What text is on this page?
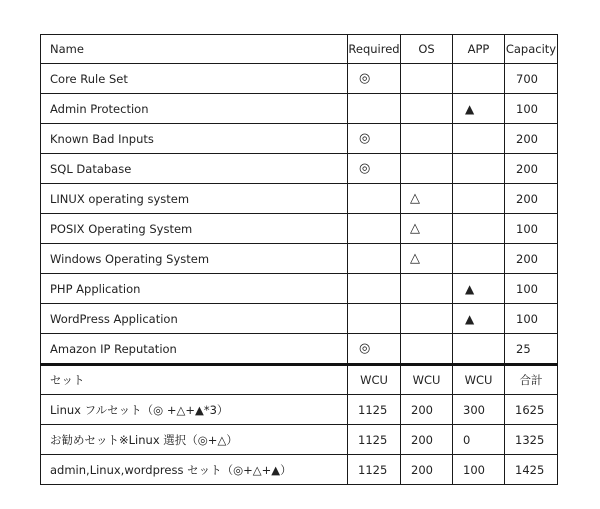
Name	Required	OS	APP	Capacity
Core Rule Set	◎			700
Admin Protection			▲	100
Known Bad Inputs	◎			200
SQL Database	◎			200
LINUX operating system		△		200
POSIX Operating System		△		100
Windows Operating System		△		200
PHP Application			▲	100
WordPress Application			▲	100
Amazon IP Reputation	◎			25
セット	WCU	WCU	WCU	合計
Linux フルセット（◎ +△+▲*3）	1125	200	300	1625
お勧めセット※Linux 選択（◎+△）	1125	200	0	1325
admin,Linux,wordpress セット（◎+△+▲）	1125	200	100	1425
